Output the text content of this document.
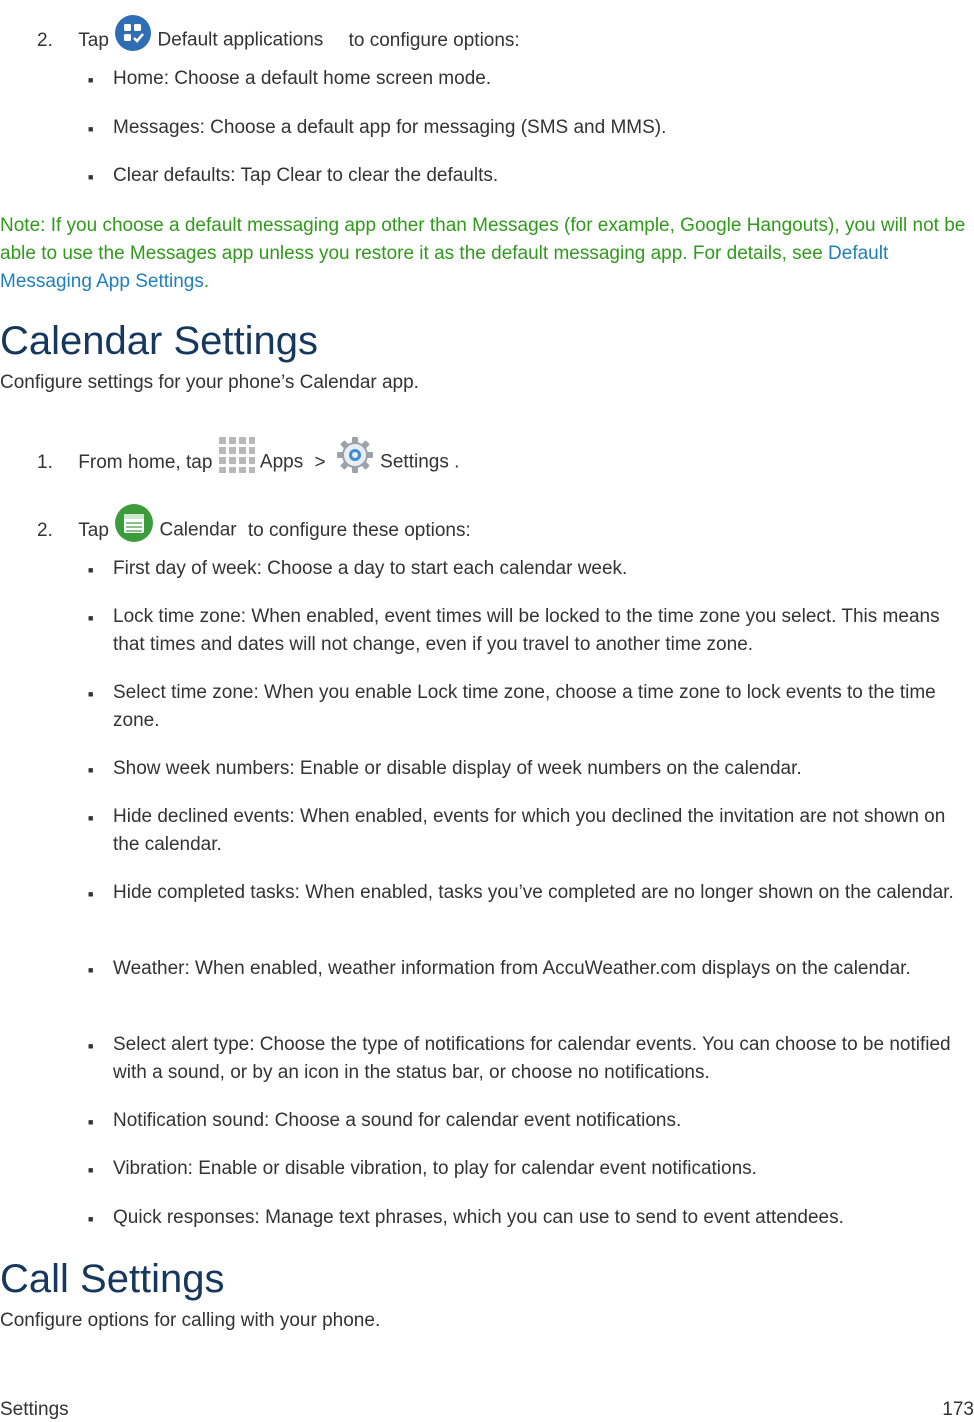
2. Tap	Default applications to configure options:
■	Home: Choose a default home screen mode.
■	Messages: Choose a default app for messaging (SMS and MMS).
■	Clear defaults: Tap Clear to clear the defaults.
Note: If you choose a default messaging app other than Messages (for example, Google Hangouts), you will not be able to use the Messages app unless you restore it as the default messaging app. For details, see Default Messaging App Settings.
Calendar Settings
Configure settings for your phone’s Calendar app.
1. From home, tap	Apps >	Settings .
2. Tap	Calendar to configure these options:
■	First day of week: Choose a day to start each calendar week.
■	Lock time zone: When enabled, event times will be locked to the time zone you select. This means that times and dates will not change, even if you travel to another time zone.
■	Select time zone: When you enable Lock time zone, choose a time zone to lock events to the time zone.
■	Show week numbers: Enable or disable display of week numbers on the calendar.
■	Hide declined events: When enabled, events for which you declined the invitation are not shown on the calendar.
■	Hide completed tasks: When enabled, tasks you’ve completed are no longer shown on the calendar.
■	Weather: When enabled, weather information from AccuWeather.com displays on the calendar.
■	Select alert type: Choose the type of notifications for calendar events. You can choose to be notified with a sound, or by an icon in the status bar, or choose no notifications.
■	Notification sound: Choose a sound for calendar event notifications.
■	Vibration: Enable or disable vibration, to play for calendar event notifications.
■	Quick responses: Manage text phrases, which you can use to send to event attendees.
Call Settings
Configure options for calling with your phone.
Settings	173
